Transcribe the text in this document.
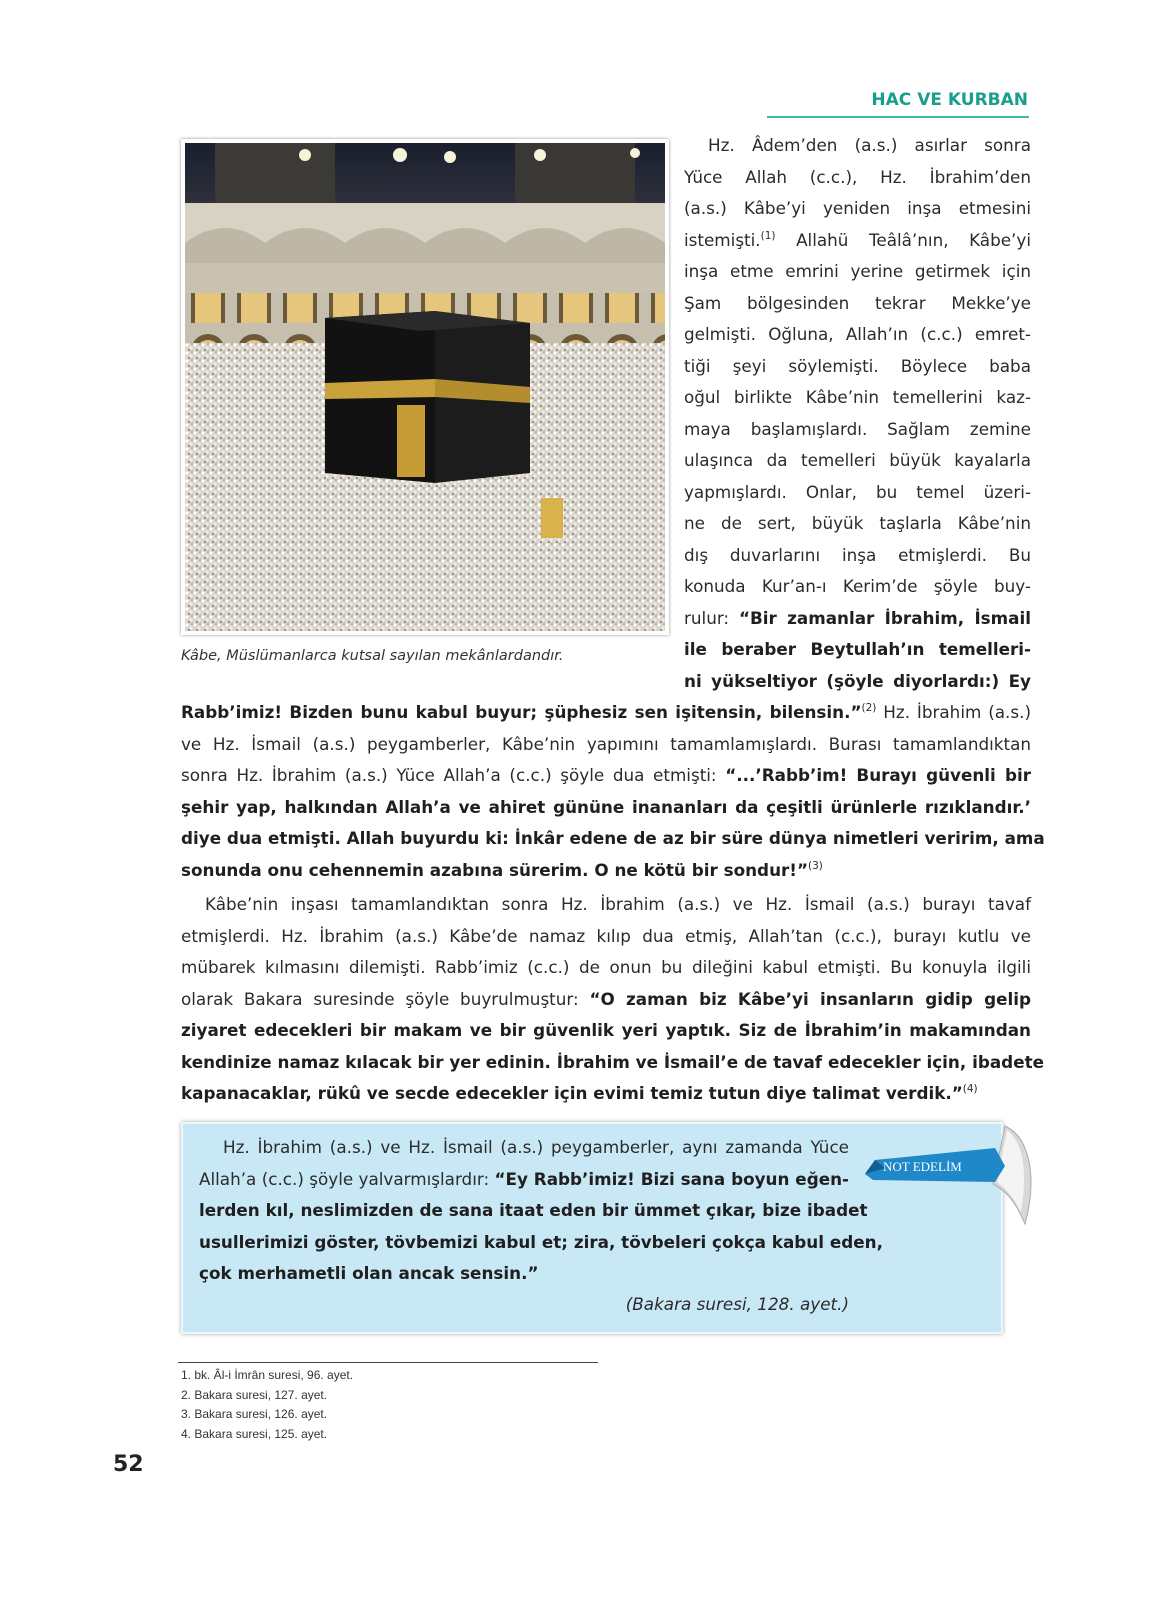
HAC VE KURBAN
Kâbe, Müslümanlarca kutsal sayılan mekânlardandır.
Hz. Âdem’den (a.s.) asırlar sonra
Yüce Allah (c.c.), Hz. İbrahim’den
(a.s.) Kâbe’yi yeniden inşa etmesini
istemişti.$^{(1)}$ Allahü Teâlâ’nın, Kâbe’yi
inşa etme emrini yerine getirmek için
Şam bölgesinden tekrar Mekke’ye
gelmişti. Oğluna, Allah’ın (c.c.) emret-
tiği şeyi söylemişti. Böylece baba
oğul birlikte Kâbe’nin temellerini kaz-
maya başlamışlardı. Sağlam zemine
ulaşınca da temelleri büyük kayalarla
yapmışlardı. Onlar, bu temel üzeri-
ne de sert, büyük taşlarla Kâbe’nin
dış duvarlarını inşa etmişlerdi. Bu
konuda Kur’an-ı Kerim’de şöyle buy-
rulur: “Bir zamanlar İbrahim, İsmail
ile beraber Beytullah’ın temelleri-
ni yükseltiyor (şöyle diyorlardı:) Ey
Rabb’imiz! Bizden bunu kabul buyur; şüphesiz sen işitensin, bilensin.”$^{(2)}$ Hz. İbrahim (a.s.)
ve Hz. İsmail (a.s.) peygamberler, Kâbe’nin yapımını tamamlamışlardı. Burası tamamlandıktan
sonra Hz. İbrahim (a.s.) Yüce Allah’a (c.c.) şöyle dua etmişti: “...’Rabb’im! Burayı güvenli bir
şehir yap, halkından Allah’a ve ahiret gününe inananları da çeşitli ürünlerle rızıklandır.’
diye dua etmişti. Allah buyurdu ki: İnkâr edene de az bir süre dünya nimetleri veririm, ama
sonunda onu cehennemin azabına sürerim. O ne kötü bir sondur!”$^{(3)}$
Kâbe’nin inşası tamamlandıktan sonra Hz. İbrahim (a.s.) ve Hz. İsmail (a.s.) burayı tavaf
etmişlerdi. Hz. İbrahim (a.s.) Kâbe’de namaz kılıp dua etmiş, Allah’tan (c.c.), burayı kutlu ve
mübarek kılmasını dilemişti. Rabb’imiz (c.c.) de onun bu dileğini kabul etmişti. Bu konuyla ilgili
olarak Bakara suresinde şöyle buyrulmuştur: “O zaman biz Kâbe’yi insanların gidip gelip
ziyaret edecekleri bir makam ve bir güvenlik yeri yaptık. Siz de İbrahim’in makamından
kendinize namaz kılacak bir yer edinin. İbrahim ve İsmail’e de tavaf edecekler için, ibadete
kapanacaklar, rükû ve secde edecekler için evimi temiz tutun diye talimat verdik.”$^{(4)}$
Hz. İbrahim (a.s.) ve Hz. İsmail (a.s.) peygamberler, aynı zamanda Yüce
Allah’a (c.c.) şöyle yalvarmışlardır: “Ey Rabb’imiz! Bizi sana boyun eğen-
lerden kıl, neslimizden de sana itaat eden bir ümmet çıkar, bize ibadet
usullerimizi göster, tövbemizi kabul et; zira, tövbeleri çokça kabul eden,
çok merhametli olan ancak sensin.”
(Bakara suresi, 128. ayet.)
NOT EDELİM
1. bk. Âl-i İmrân suresi, 96. ayet.
2. Bakara suresi, 127. ayet.
3. Bakara suresi, 126. ayet.
4. Bakara suresi, 125. ayet.
52
